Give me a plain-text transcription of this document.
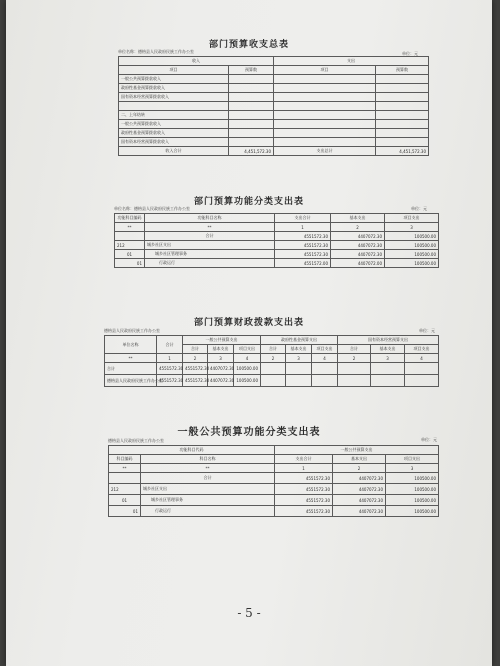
部门预算收支总表
单位名称：德格县人民政府民族工作办公室	单位：元
收入		支出	
项目	预算数	项目	预算数
一般公共预算拨款收入			
政府性基金预算拨款收入			
国有资本经营预算拨款收入			

二、上年结转			
一般公共预算拨款收入			
政府性基金预算拨款收入			
国有资本经营预算拨款收入			
收入合计	4,451,572.30	支出总计	4,451,572.30
部门预算功能分类支出表
单位名称：德格县人民政府民族工作办公室	单位：元
功能科目编码	功能科目名称	支出合计	基本支出	项目支出
**	**	1	2	3
	合计	4551572.30	4407072.30	100500.00
212	城乡社区支出	4551572.30	4407072.30	100500.00
01	城乡社区管理事务	4551572.30	4407072.30	100500.00
01	行政运行	4551572.00	4407072.00	100500.00
部门预算财政拨款支出表
德格县人民政府民族工作办公室	单位：元
单位名称	合计	一般公共预算支出			政府性基金预算支出			国有资本经营预算支出		
		合计	基本支出	项目支出	合计	基本支出	项目支出	合计	基本支出	项目支出
**	1	2	3	4	2	3	4	2	3	4
合计	4551572.30	4551572.30	4407072.30	100500.00						
德格县人民政府民族工作办公室	4551572.30	4551572.30	4407072.30	100500.00						
一般公共预算功能分类支出表
德格县人民政府民族工作办公室	单位：元
功能科目代码		一般公共预算支出		
科目编码	科目名称	支出合计	基本支出	项目支出
**	**	1	2	3
	合计	4551572.30	4407072.30	100500.00
212	城乡社区支出	4551572.30	4407072.30	100500.00
01	城乡社区管理事务	4551572.30	4407072.30	100500.00
01	行政运行	4551572.30	4407072.30	100500.00
- 5 -
